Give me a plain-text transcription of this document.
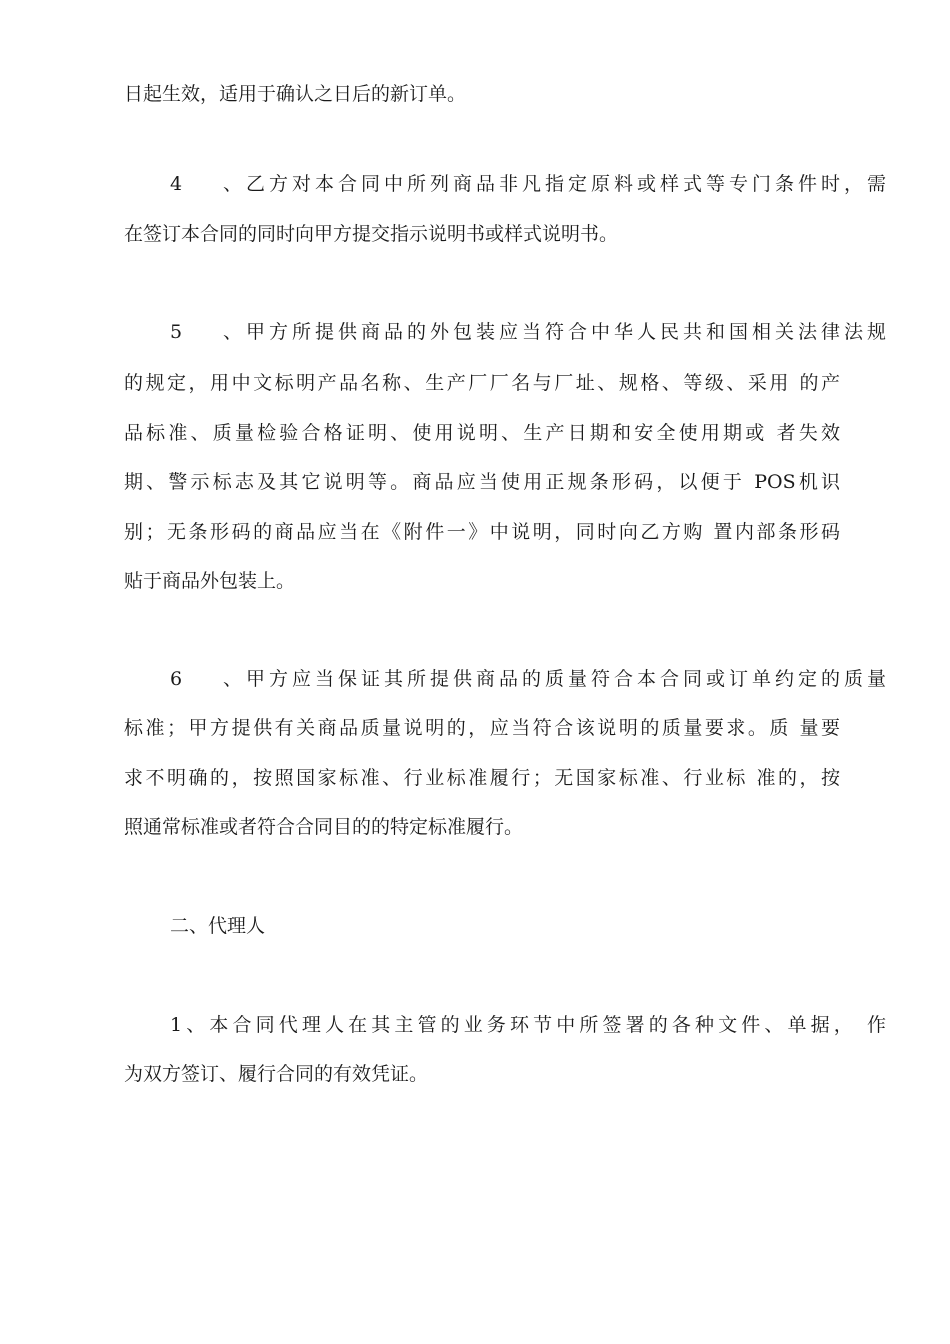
日起生效，适用于确认之日后的新订单。
4、乙方对本合同中所列商品非凡指定原料或样式等专门条件时，需
在签订本合同的同时向甲方提交指示说明书或样式说明书。
5、甲方所提供商品的外包装应当符合中华人民共和国相关法律法规
的规定，用中文标明产品名称、生产厂厂名与厂址、规格、等级、采用 的产
品标准、质量检验合格证明、使用说明、生产日期和安全使用期或 者失效
期、警示标志及其它说明等。商品应当使用正规条形码，以便于 POS机识
别；无条形码的商品应当在《附件一》中说明，同时向乙方购 置内部条形码
贴于商品外包装上。
6、甲方应当保证其所提供商品的质量符合本合同或订单约定的质量
标准；甲方提供有关商品质量说明的，应当符合该说明的质量要求。质 量要
求不明确的，按照国家标准、行业标准履行；无国家标准、行业标 准的，按
照通常标准或者符合合同目的的特定标准履行。
二、代理人
1、本合同代理人在其主管的业务环节中所签署的各种文件、单据， 作
为双方签订、履行合同的有效凭证。
